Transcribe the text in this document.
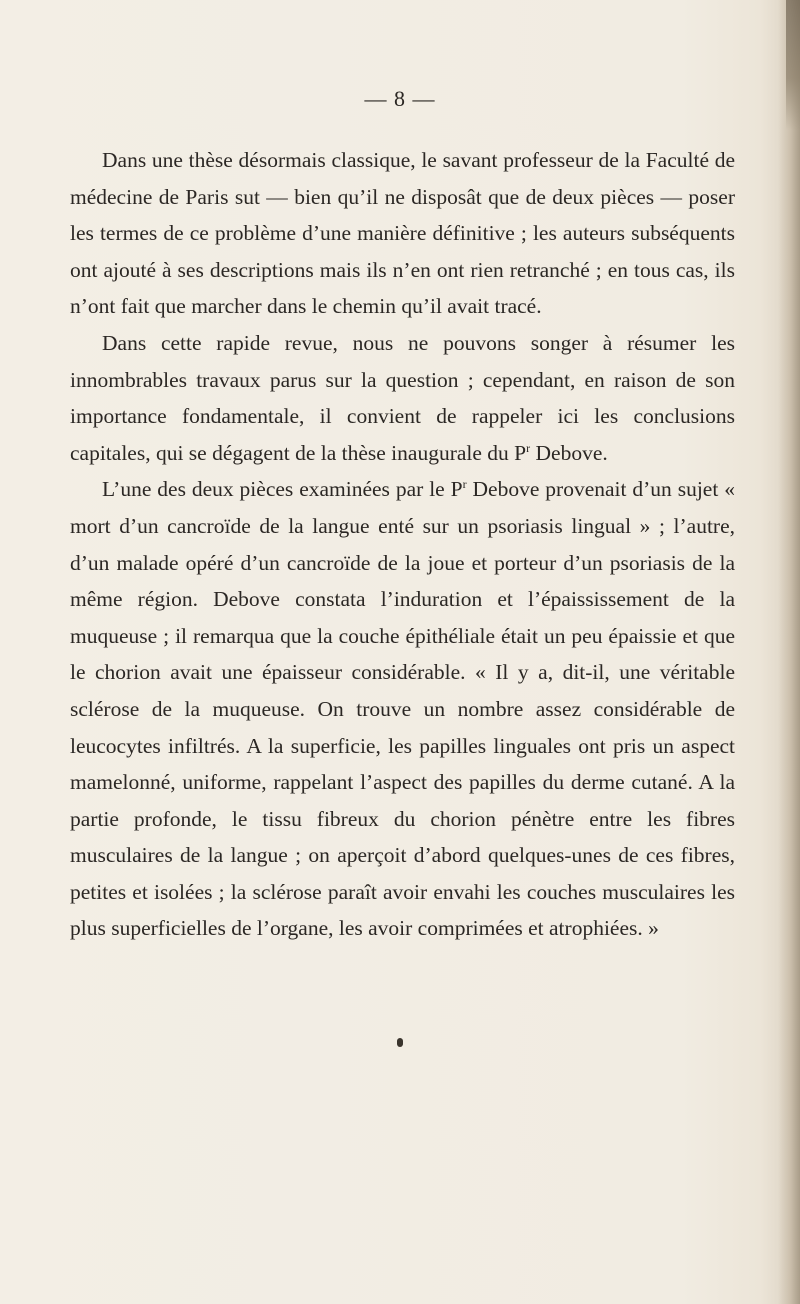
— 8 —

Dans une thèse désormais classique, le savant professeur de la Faculté de médecine de Paris sut — bien qu’il ne disposât que de deux pièces — poser les termes de ce problème d’une manière définitive ; les auteurs subséquents ont ajouté à ses descriptions mais ils n’en ont rien retranché ; en tous cas, ils n’ont fait que marcher dans le chemin qu’il avait tracé.

Dans cette rapide revue, nous ne pouvons songer à résumer les innombrables travaux parus sur la question ; cependant, en raison de son importance fondamentale, il convient de rappeler ici les conclusions capitales, qui se dégagent de la thèse inaugurale du $P^r$ Debove.

L’une des deux pièces examinées par le $P^r$ Debove provenait d’un sujet « mort d’un cancroïde de la langue enté sur un psoriasis lingual » ; l’autre, d’un malade opéré d’un cancroïde de la joue et porteur d’un psoriasis de la même région. Debove constata l’induration et l’épaississement de la muqueuse ; il remarqua que la couche épithéliale était un peu épaissie et que le chorion avait une épaisseur considérable. « Il y a, dit-il, une véritable sclérose de la muqueuse. On trouve un nombre assez considérable de leucocytes infiltrés. A la superficie, les papilles linguales ont pris un aspect mamelonné, uniforme, rappelant l’aspect des papilles du derme cutané. A la partie profonde, le tissu fibreux du chorion pénètre entre les fibres musculaires de la langue ; on aperçoit d’abord quelques-unes de ces fibres, petites et isolées ; la sclérose paraît avoir envahi les couches musculaires les plus superficielles de l’organe, les avoir comprimées et atrophiées. »
